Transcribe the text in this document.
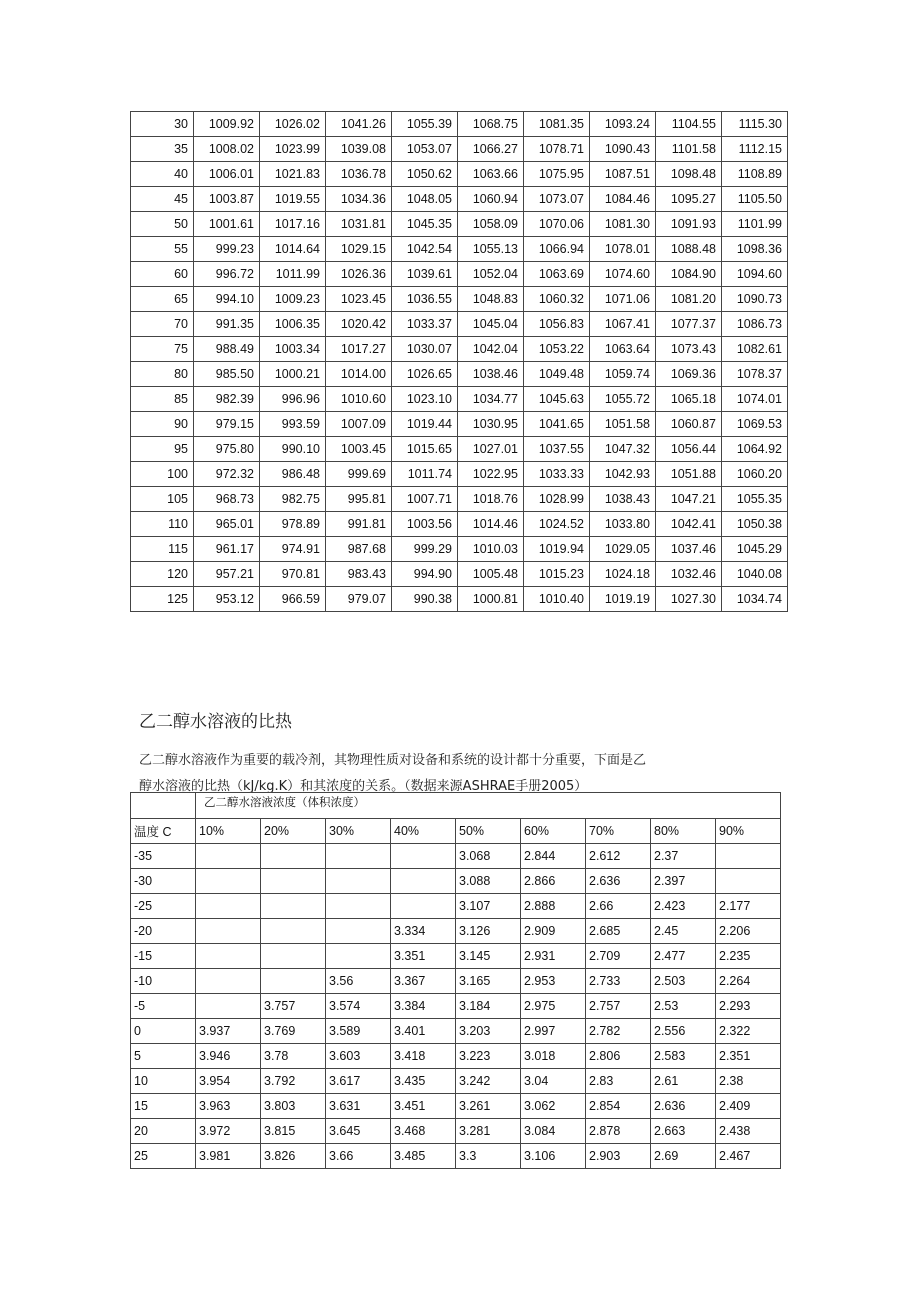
30	1009.92	1026.02	1041.26	1055.39	1068.75	1081.35	1093.24	1104.55	1115.30
35	1008.02	1023.99	1039.08	1053.07	1066.27	1078.71	1090.43	1101.58	1112.15
40	1006.01	1021.83	1036.78	1050.62	1063.66	1075.95	1087.51	1098.48	1108.89
45	1003.87	1019.55	1034.36	1048.05	1060.94	1073.07	1084.46	1095.27	1105.50
50	1001.61	1017.16	1031.81	1045.35	1058.09	1070.06	1081.30	1091.93	1101.99
55	999.23	1014.64	1029.15	1042.54	1055.13	1066.94	1078.01	1088.48	1098.36
60	996.72	1011.99	1026.36	1039.61	1052.04	1063.69	1074.60	1084.90	1094.60
65	994.10	1009.23	1023.45	1036.55	1048.83	1060.32	1071.06	1081.20	1090.73
70	991.35	1006.35	1020.42	1033.37	1045.04	1056.83	1067.41	1077.37	1086.73
75	988.49	1003.34	1017.27	1030.07	1042.04	1053.22	1063.64	1073.43	1082.61
80	985.50	1000.21	1014.00	1026.65	1038.46	1049.48	1059.74	1069.36	1078.37
85	982.39	996.96	1010.60	1023.10	1034.77	1045.63	1055.72	1065.18	1074.01
90	979.15	993.59	1007.09	1019.44	1030.95	1041.65	1051.58	1060.87	1069.53
95	975.80	990.10	1003.45	1015.65	1027.01	1037.55	1047.32	1056.44	1064.92
100	972.32	986.48	999.69	1011.74	1022.95	1033.33	1042.93	1051.88	1060.20
105	968.73	982.75	995.81	1007.71	1018.76	1028.99	1038.43	1047.21	1055.35
110	965.01	978.89	991.81	1003.56	1014.46	1024.52	1033.80	1042.41	1050.38
115	961.17	974.91	987.68	999.29	1010.03	1019.94	1029.05	1037.46	1045.29
120	957.21	970.81	983.43	994.90	1005.48	1015.23	1024.18	1032.46	1040.08
125	953.12	966.59	979.07	990.38	1000.81	1010.40	1019.19	1027.30	1034.74
乙二醇水溶液的比热

乙二醇水溶液作为重要的载冷剂，其物理性质对设备和系统的设计都十分重要，下面是乙

醇水溶液的比热（kJ/kg.K）和其浓度的关系。（数据来源ASHRAE手册2005）

	乙二醇水溶液浓度（体积浓度）								
温度 C	10%	20%	30%	40%	50%	60%	70%	80%	90%
-35					3.068	2.844	2.612	2.37	
-30					3.088	2.866	2.636	2.397	
-25					3.107	2.888	2.66	2.423	2.177
-20				3.334	3.126	2.909	2.685	2.45	2.206
-15				3.351	3.145	2.931	2.709	2.477	2.235
-10			3.56	3.367	3.165	2.953	2.733	2.503	2.264
-5		3.757	3.574	3.384	3.184	2.975	2.757	2.53	2.293
0	3.937	3.769	3.589	3.401	3.203	2.997	2.782	2.556	2.322
5	3.946	3.78	3.603	3.418	3.223	3.018	2.806	2.583	2.351
10	3.954	3.792	3.617	3.435	3.242	3.04	2.83	2.61	2.38
15	3.963	3.803	3.631	3.451	3.261	3.062	2.854	2.636	2.409
20	3.972	3.815	3.645	3.468	3.281	3.084	2.878	2.663	2.438
25	3.981	3.826	3.66	3.485	3.3	3.106	2.903	2.69	2.467
